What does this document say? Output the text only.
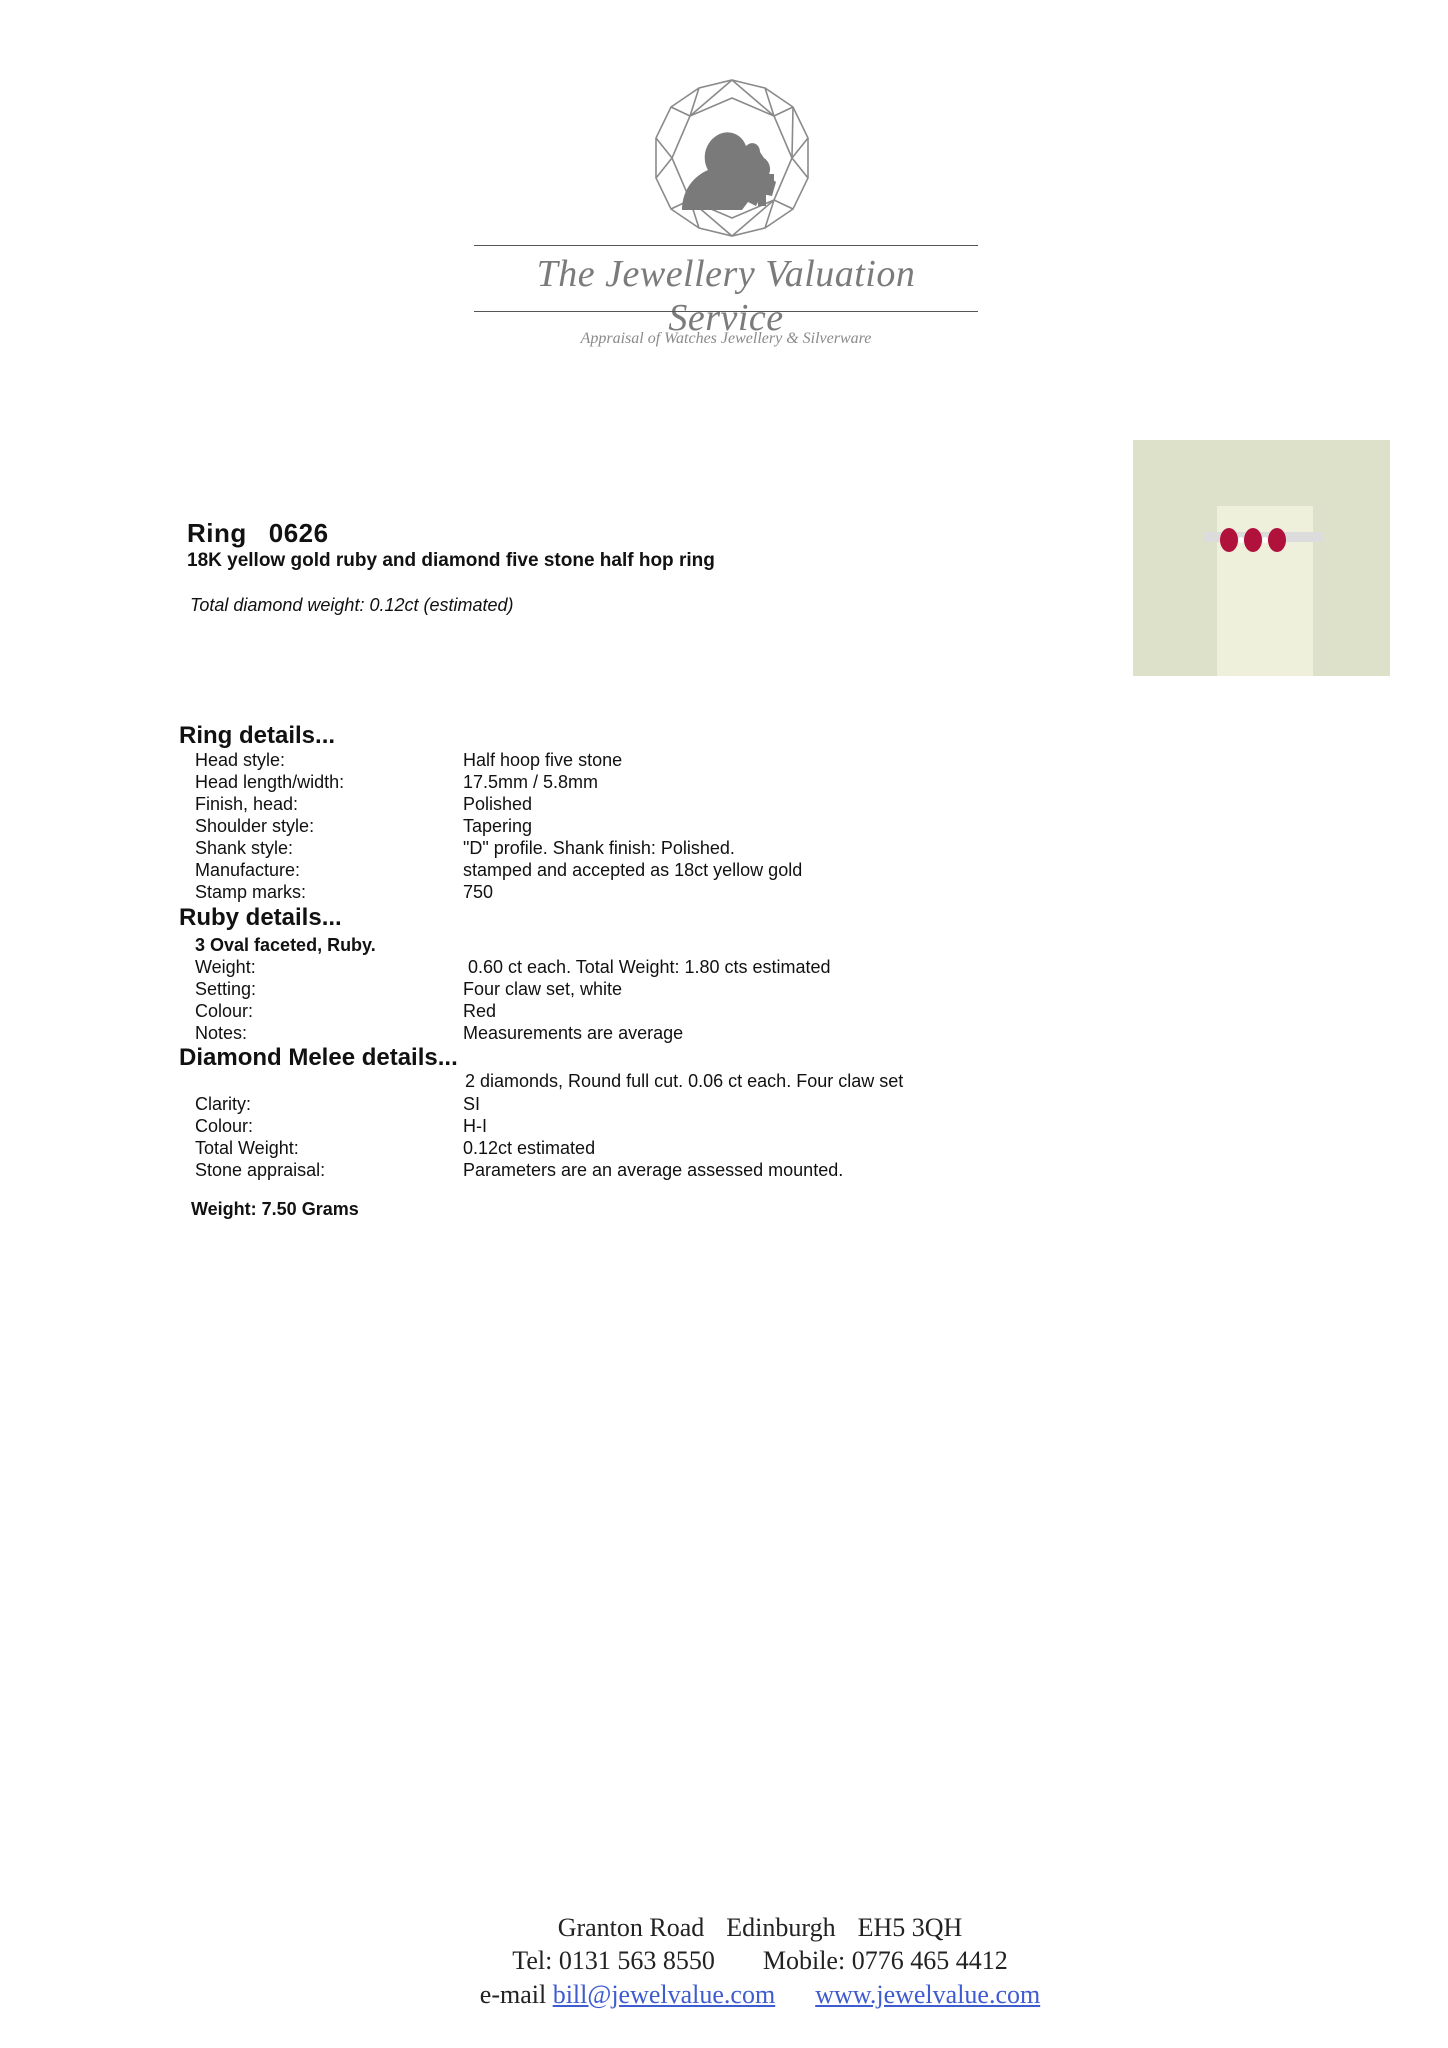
The Jewellery Valuation Service
Appraisal of Watches Jewellery & Silverware
Ring 0626
18K yellow gold ruby and diamond five stone half hop ring
Total diamond weight: 0.12ct (estimated)
Ring details...
Head style:	Half hoop five stone
Head length/width:	17.5mm / 5.8mm
Finish, head:	Polished
Shoulder style:	Tapering
Shank style:	"D" profile. Shank finish: Polished.
Manufacture:	stamped and accepted as 18ct yellow gold
Stamp marks:	750
Ruby details...
3 Oval faceted, Ruby.
Weight:	0.60 ct each. Total Weight: 1.80 cts estimated
Setting:	Four claw set, white
Colour:	Red
Notes:	Measurements are average
Diamond Melee details...
2 diamonds, Round full cut. 0.06 ct each. Four claw set
Clarity:	SI
Colour:	H-I
Total Weight:	0.12ct estimated
Stone appraisal:	Parameters are an average assessed mounted.
Weight: 7.50 Grams
Granton Road Edinburgh EH5 3QH
Tel: 0131 563 8550 Mobile: 0776 465 4412
e-mail bill@jewelvalue.com www.jewelvalue.com
